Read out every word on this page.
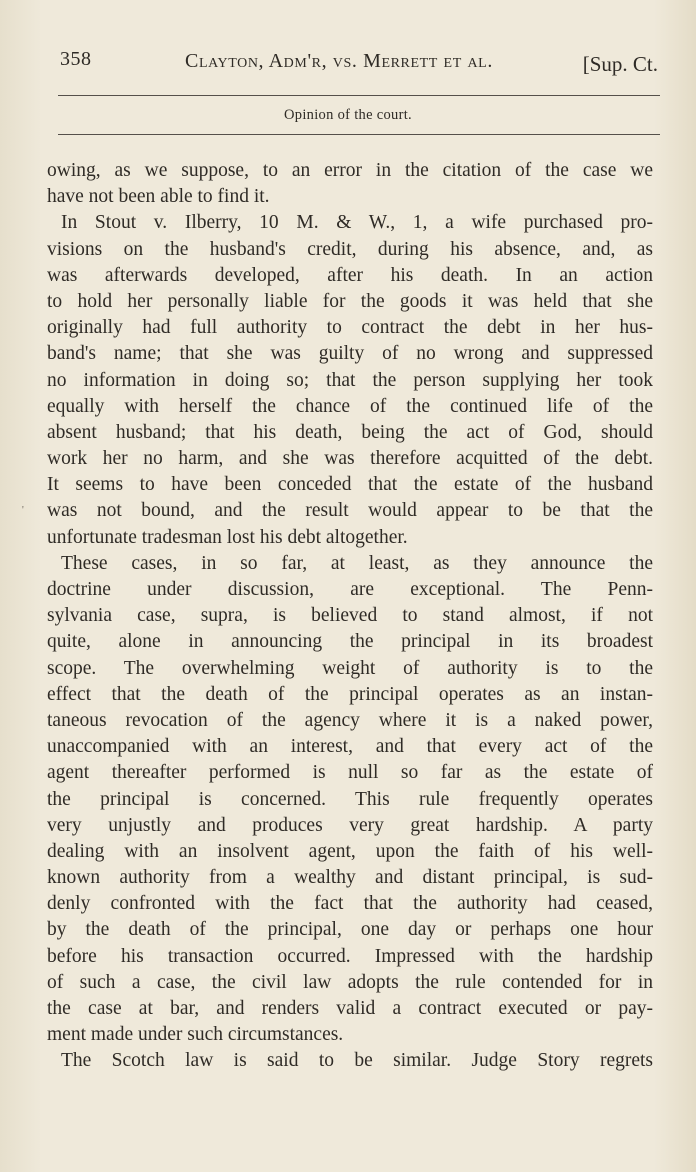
358	Clayton, Adm'r, vs. Merrett et al.	[Sup. Ct.
Opinion of the court.
'
owing, as we suppose, to an error in the citation of the case we
have not been able to find it.
In Stout v. Ilberry, 10 M. & W., 1, a wife purchased pro-
visions on the husband's credit, during his absence, and, as
was afterwards developed, after his death. In an action
to hold her personally liable for the goods it was held that she
originally had full authority to contract the debt in her hus-
band's name; that she was guilty of no wrong and suppressed
no information in doing so; that the person supplying her took
equally with herself the chance of the continued life of the
absent husband; that his death, being the act of God, should
work her no harm, and she was therefore acquitted of the debt.
It seems to have been conceded that the estate of the husband
was not bound, and the result would appear to be that the
unfortunate tradesman lost his debt altogether.
These cases, in so far, at least, as they announce the
doctrine under discussion, are exceptional. The Penn-
sylvania case, supra, is believed to stand almost, if not
quite, alone in announcing the principal in its broadest
scope. The overwhelming weight of authority is to the
effect that the death of the principal operates as an instan-
taneous revocation of the agency where it is a naked power,
unaccompanied with an interest, and that every act of the
agent thereafter performed is null so far as the estate of
the principal is concerned. This rule frequently operates
very unjustly and produces very great hardship. A party
dealing with an insolvent agent, upon the faith of his well-
known authority from a wealthy and distant principal, is sud-
denly confronted with the fact that the authority had ceased,
by the death of the principal, one day or perhaps one hour
before his transaction occurred. Impressed with the hardship
of such a case, the civil law adopts the rule contended for in
the case at bar, and renders valid a contract executed or pay-
ment made under such circumstances.
The Scotch law is said to be similar. Judge Story regrets
